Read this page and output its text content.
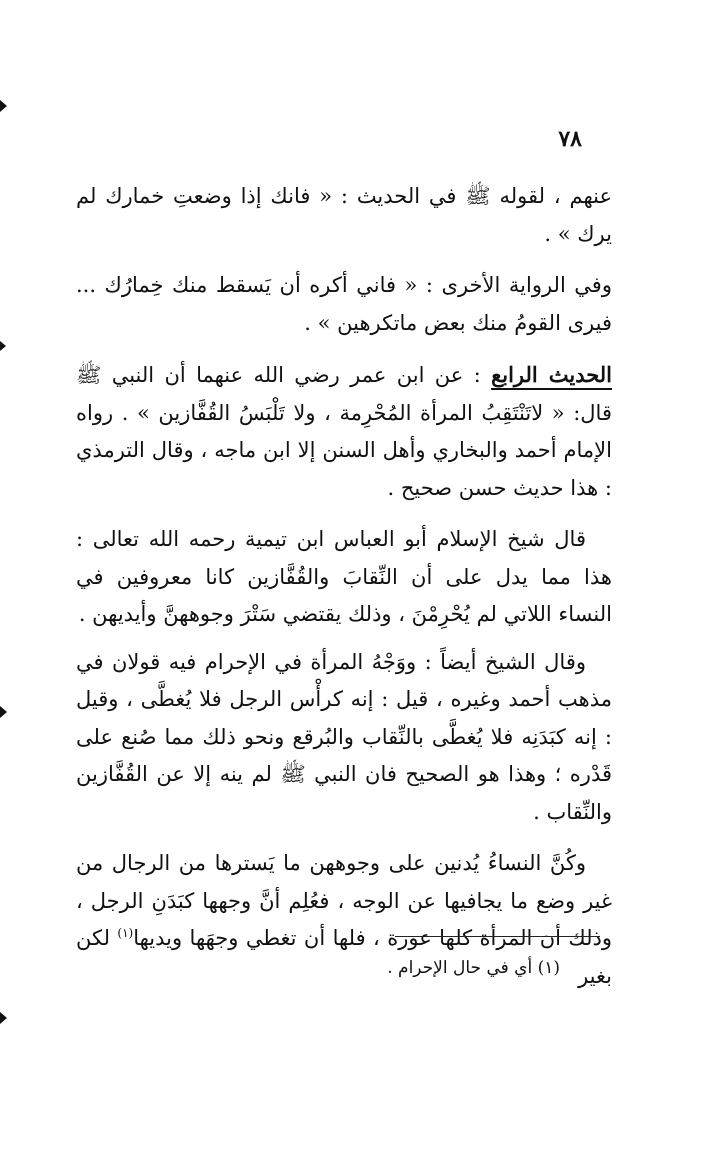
٧٨

عنهم ، لقوله ﷺ في الحديث : « فانك إذا وضعتِ خمارك لم يرك » .

وفي الرواية الأخرى : « فاني أكره أن يَسقط منك خِمارُك ... فيرى القومُ منك بعض ماتكرهين » .

الحديث الرابع : عن ابن عمر رضي الله عنهما أن النبي ﷺ قال: « لاتَنْتَقِبُ المرأة المُحْرِمة ، ولا تَلْبَسُ القُفَّازين » . رواه الإمام أحمد والبخاري وأهل السنن إلا ابن ماجه ، وقال الترمذي : هذا حديث حسن صحيح .

قال شيخ الإسلام أبو العباس ابن تيمية رحمه الله تعالى : هذا مما يدل على أن النِّقابَ والقُفَّازين كانا معروفين في النساء اللاتي لم يُحْرِمْنَ ، وذلك يقتضي سَتْرَ وجوههنَّ وأيديهن .

وقال الشيخ أيضاً : ووَجْهُ المرأة في الإحرام فيه قولان في مذهب أحمد وغيره ، قيل : إنه كرأْس الرجل فلا يُغطَّى ، وقيل : إنه كبَدَنِه فلا يُغطَّى بالنِّقاب والبُرقع ونحو ذلك مما صُنع على قَدْره ؛ وهذا هو الصحيح فان النبي ﷺ لم ينه إلا عن القُفَّازين والنِّقاب .

وكُنَّ النساءُ يُدنين على وجوههن ما يَسترها من الرجال من غير وضع ما يجافيها عن الوجه ، فعُلِم أنَّ وجهها كبَدَنِ الرجل ، وذلك أن المرأة كلها عورة ، فلها أن تغطي وجهَها ويديها$^{(١)}$ لكن بغير

(١) أي في حال الإحرام .
